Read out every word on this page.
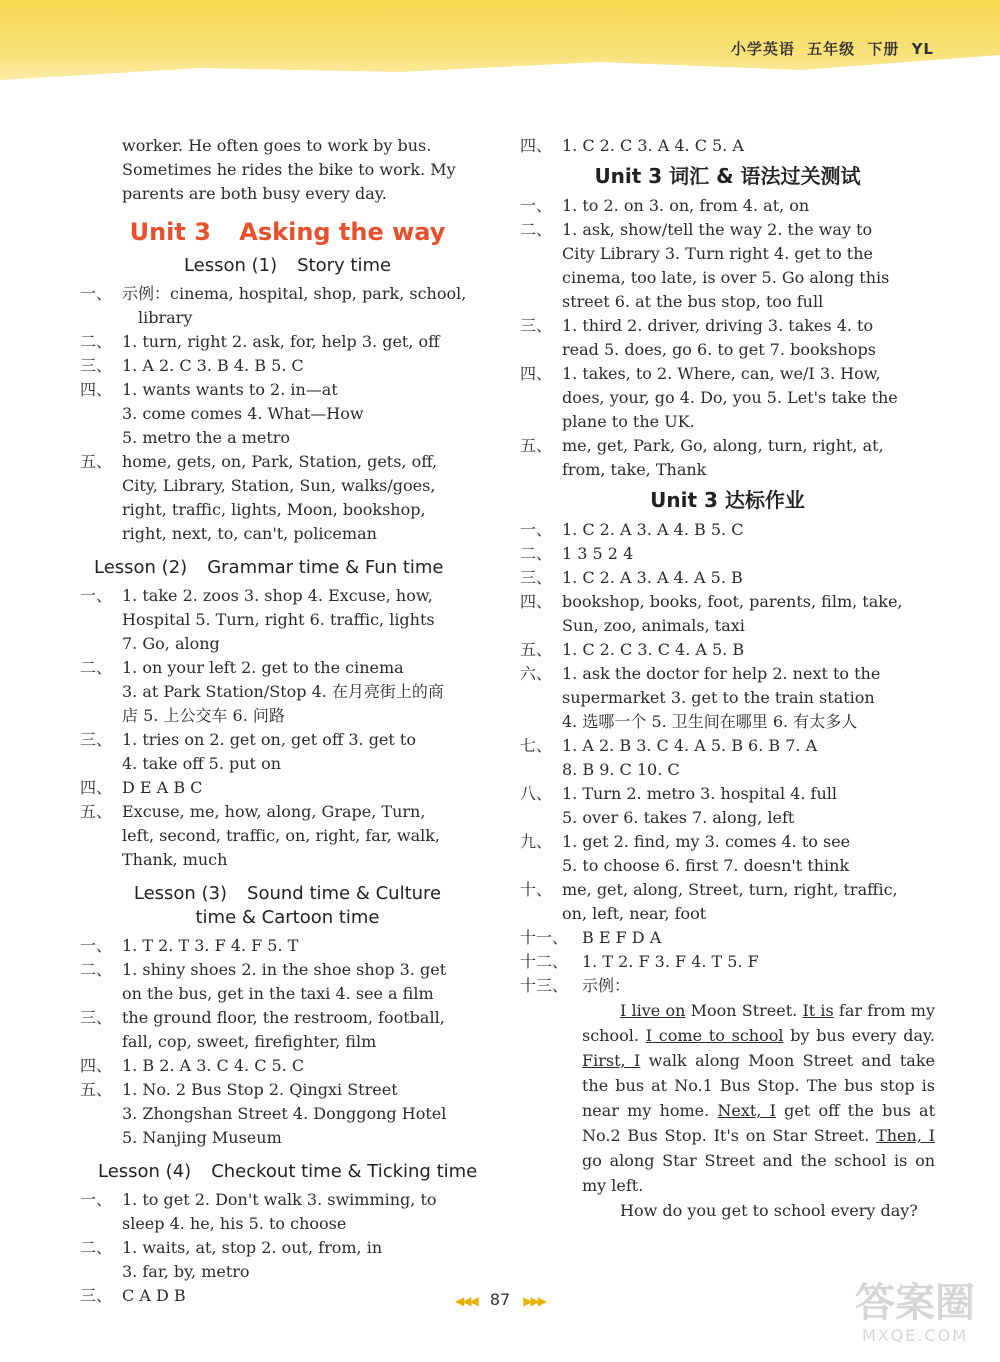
小学英语 五年级 下册 YL
worker. He often goes to work by bus.
Sometimes he rides the bike to work. My
parents are both busy every day.
Unit 3 Asking the way
Lesson (1) Story time
一、 示例：cinema, hospital, shop, park, school,
library
二、 1. turn, right 2. ask, for, help 3. get, off
三、 1. A 2. C 3. B 4. B 5. C
四、 1. wants wants to 2. in—at
3. come comes 4. What—How
5. metro the a metro
五、 home, gets, on, Park, Station, gets, off,
City, Library, Station, Sun, walks/goes,
right, traffic, lights, Moon, bookshop,
right, next, to, can't, policeman
Lesson (2) Grammar time & Fun time
一、 1. take 2. zoos 3. shop 4. Excuse, how,
Hospital 5. Turn, right 6. traffic, lights
7. Go, along
二、 1. on your left 2. get to the cinema
3. at Park Station/Stop 4. 在月亮街上的商
店 5. 上公交车 6. 问路
三、 1. tries on 2. get on, get off 3. get to
4. take off 5. put on
四、 D E A B C
五、 Excuse, me, how, along, Grape, Turn,
left, second, traffic, on, right, far, walk,
Thank, much
Lesson (3) Sound time & Culture
time & Cartoon time
一、 1. T 2. T 3. F 4. F 5. T
二、 1. shiny shoes 2. in the shoe shop 3. get
on the bus, get in the taxi 4. see a film
三、 the ground floor, the restroom, football,
fall, cop, sweet, firefighter, film
四、 1. B 2. A 3. C 4. C 5. C
五、 1. No. 2 Bus Stop 2. Qingxi Street
3. Zhongshan Street 4. Donggong Hotel
5. Nanjing Museum
Lesson (4) Checkout time & Ticking time
一、 1. to get 2. Don't walk 3. swimming, to
sleep 4. he, his 5. to choose
二、 1. waits, at, stop 2. out, from, in
3. far, by, metro
三、 C A D B
四、 1. C 2. C 3. A 4. C 5. A
Unit 3 词汇 & 语法过关测试
一、 1. to 2. on 3. on, from 4. at, on
二、 1. ask, show/tell the way 2. the way to
City Library 3. Turn right 4. get to the
cinema, too late, is over 5. Go along this
street 6. at the bus stop, too full
三、 1. third 2. driver, driving 3. takes 4. to
read 5. does, go 6. to get 7. bookshops
四、 1. takes, to 2. Where, can, we/I 3. How,
does, your, go 4. Do, you 5. Let's take the
plane to the UK.
五、 me, get, Park, Go, along, turn, right, at,
from, take, Thank
Unit 3 达标作业
一、 1. C 2. A 3. A 4. B 5. C
二、 1 3 5 2 4
三、 1. C 2. A 3. A 4. A 5. B
四、 bookshop, books, foot, parents, film, take,
Sun, zoo, animals, taxi
五、 1. C 2. C 3. C 4. A 5. B
六、 1. ask the doctor for help 2. next to the
supermarket 3. get to the train station
4. 选哪一个 5. 卫生间在哪里 6. 有太多人
七、 1. A 2. B 3. C 4. A 5. B 6. B 7. A
8. B 9. C 10. C
八、 1. Turn 2. metro 3. hospital 4. full
5. over 6. takes 7. along, left
九、 1. get 2. find, my 3. comes 4. to see
5. to choose 6. first 7. doesn't think
十、 me, get, along, Street, turn, right, traffic,
on, left, near, foot
十一、 B E F D A
十二、 1. T 2. F 3. F 4. T 5. F
十三、 示例：

I live on Moon Street. It is far from my school. I come to school by bus every day. First, I walk along Moon Street and take the bus at No.1 Bus Stop. The bus stop is near my home. Next, I get off the bus at No.2 Bus Stop. It's on Star Street. Then, I go along Star Street and the school is on my left.

How do you get to school every day?

◀◀◀ 87 ▶▶▶	答案圈
MXQE.COM
